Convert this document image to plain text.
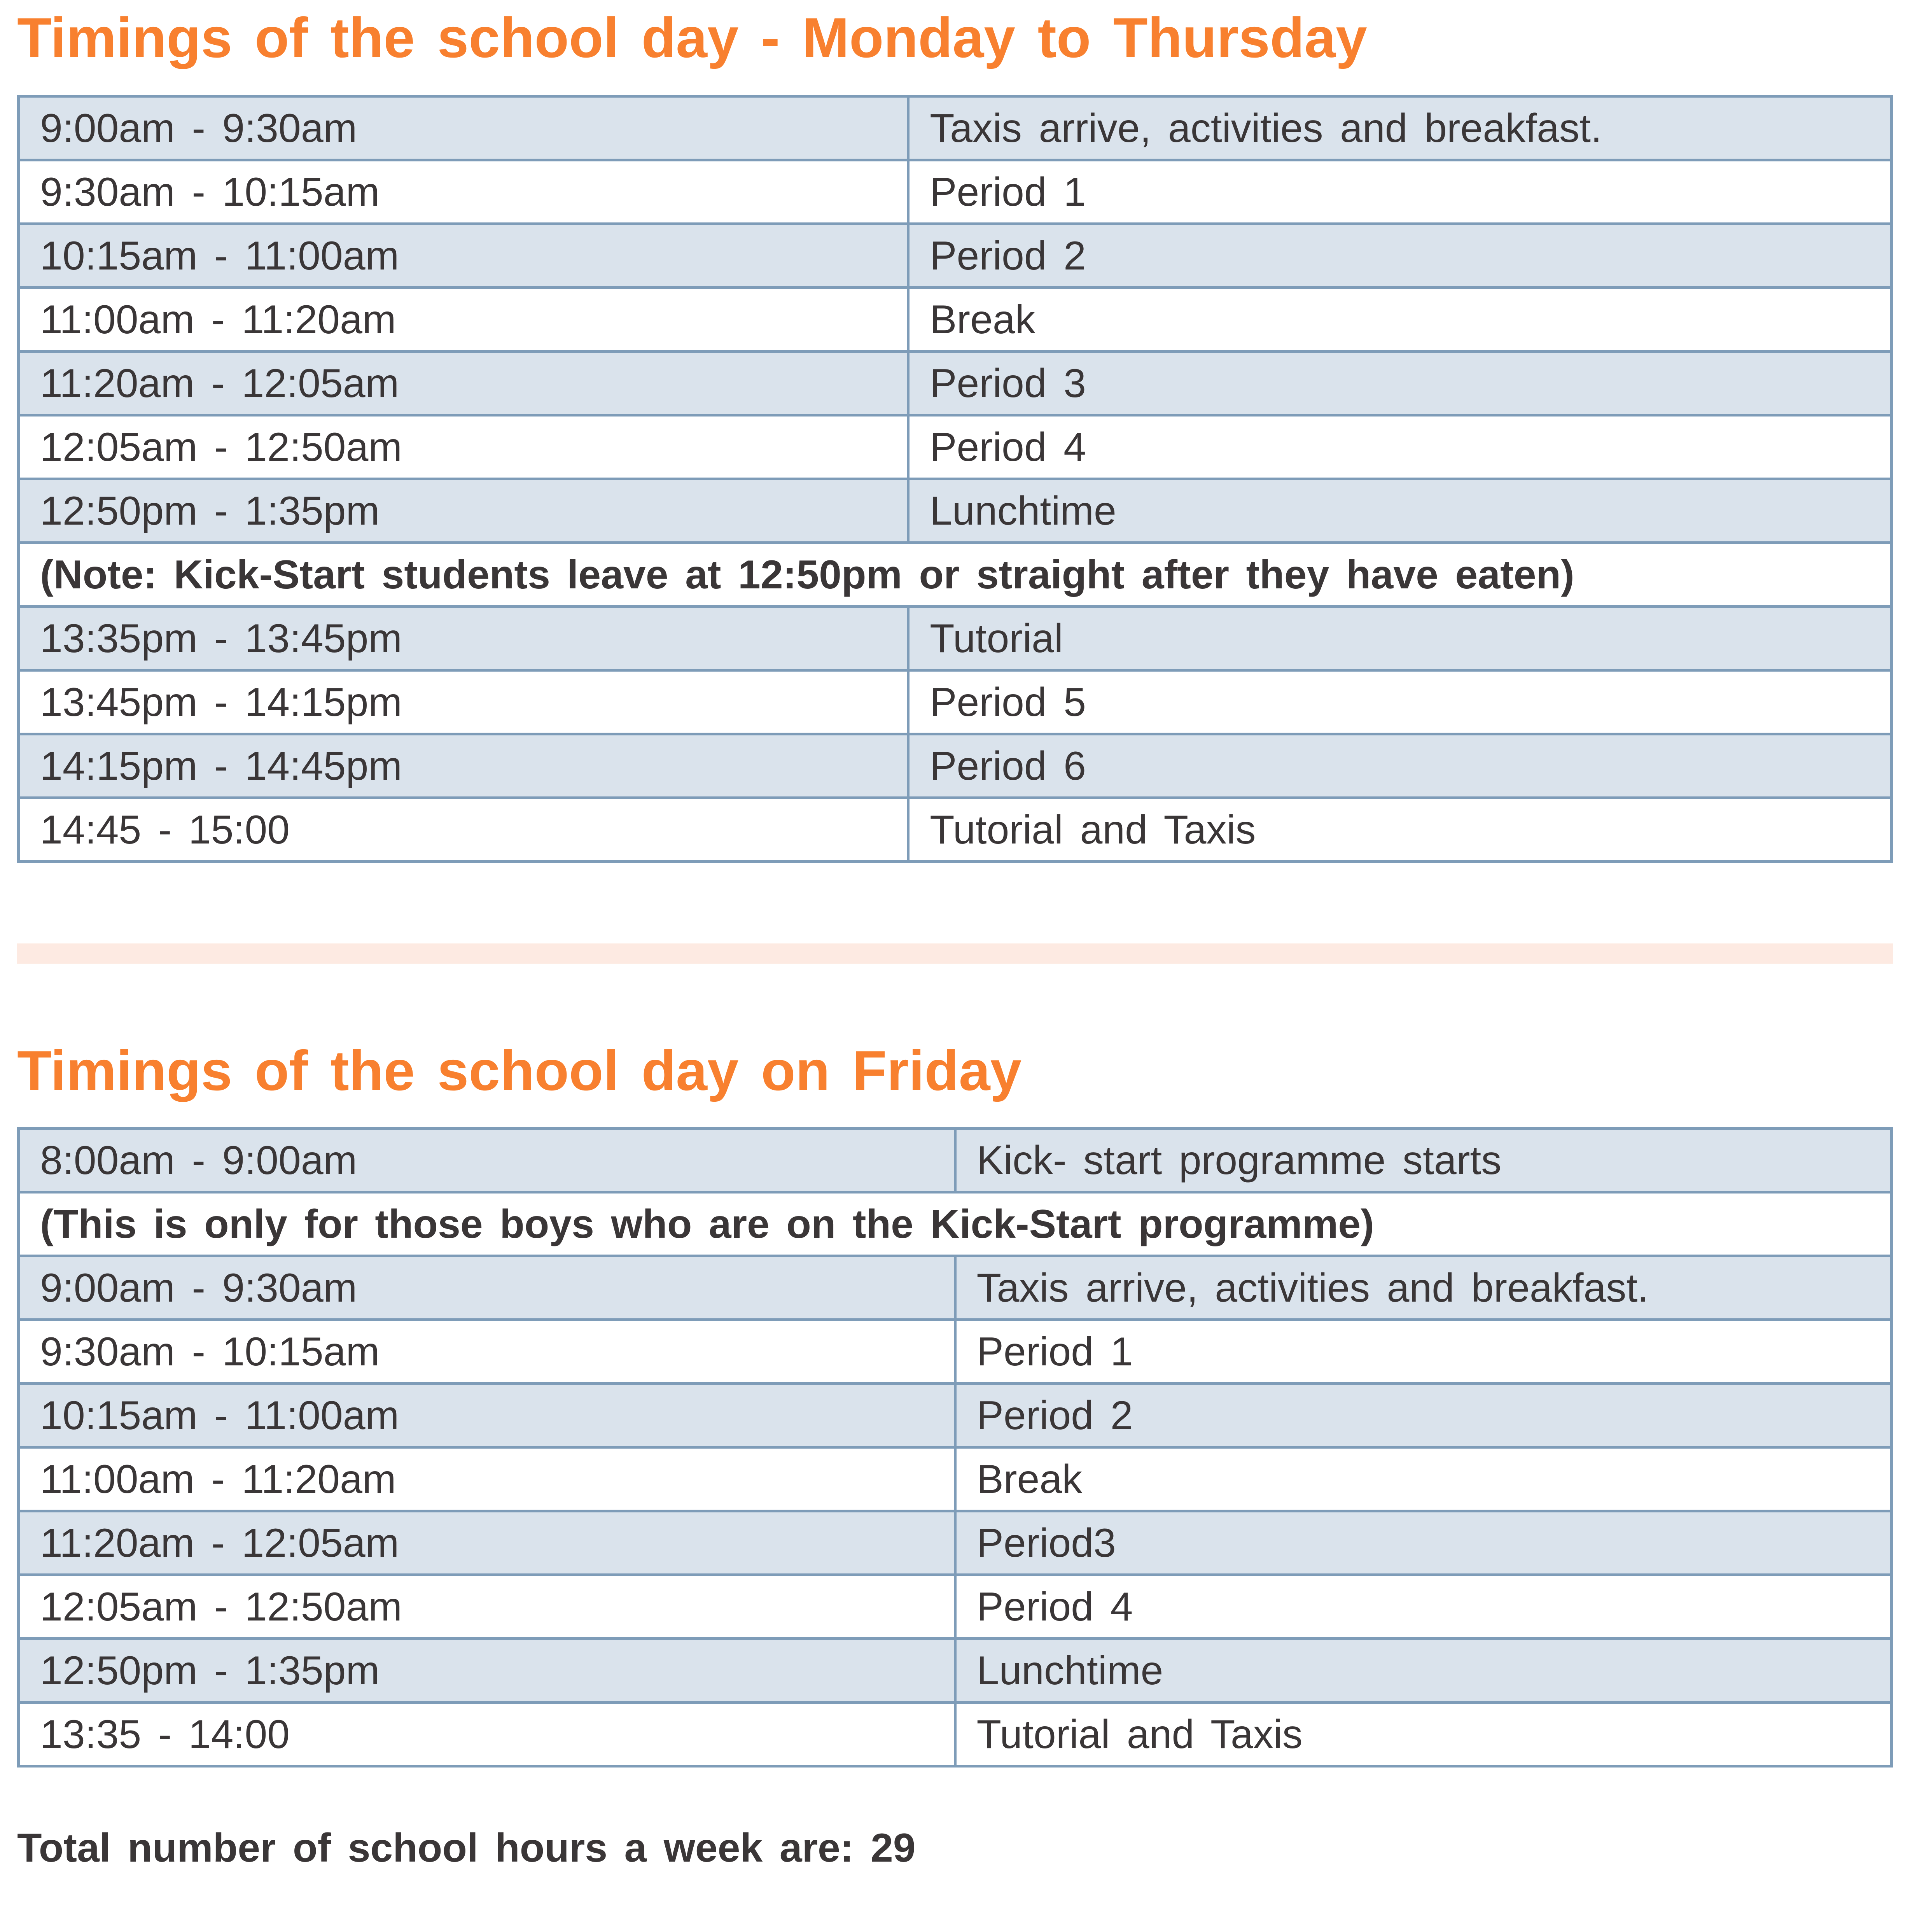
Timings of the school day - Monday to Thursday
9:00am - 9:30am	Taxis arrive, activities and breakfast.
9:30am - 10:15am	Period 1
10:15am - 11:00am	Period 2
11:00am - 11:20am	Break
11:20am - 12:05am	Period 3
12:05am - 12:50am	Period 4
12:50pm - 1:35pm	Lunchtime
(Note: Kick-Start students leave at 12:50pm or straight after they have eaten)	
13:35pm - 13:45pm	Tutorial
13:45pm - 14:15pm	Period 5
14:15pm - 14:45pm	Period 6
14:45 - 15:00	Tutorial and Taxis
Timings of the school day on Friday
8:00am - 9:00am	Kick- start programme starts
(This is only for those boys who are on the Kick-Start programme)	
9:00am - 9:30am	Taxis arrive, activities and breakfast.
9:30am - 10:15am	Period 1
10:15am - 11:00am	Period 2
11:00am - 11:20am	Break
11:20am - 12:05am	Period3
12:05am - 12:50am	Period 4
12:50pm - 1:35pm	Lunchtime
13:35 - 14:00	Tutorial and Taxis
Total number of school hours a week are: 29
